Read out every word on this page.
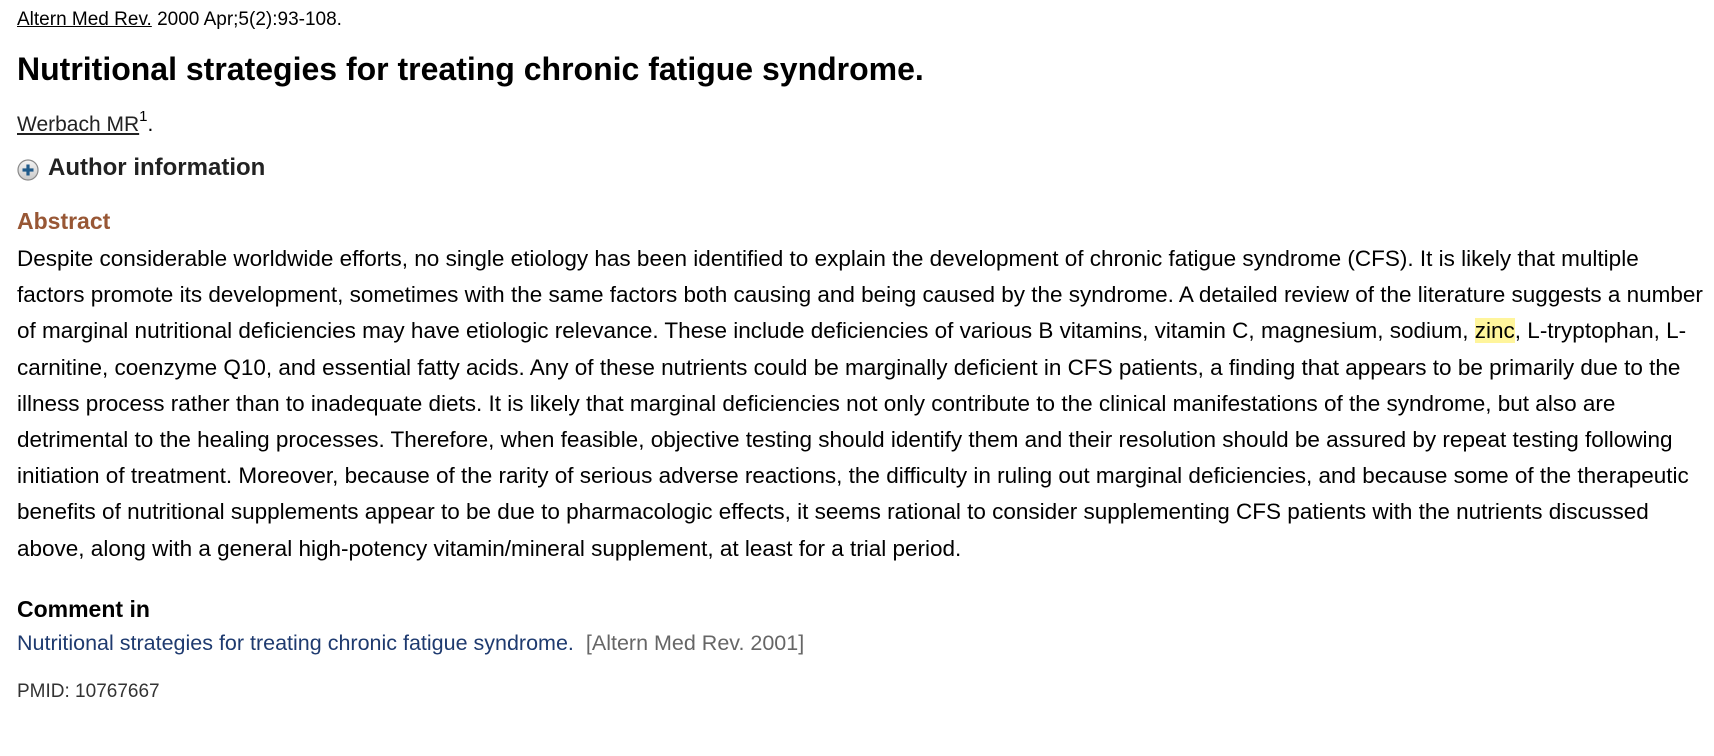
Altern Med Rev. 2000 Apr;5(2):93-108.
Nutritional strategies for treating chronic fatigue syndrome.
Werbach $MR^1$.
Author information
Abstract

Despite considerable worldwide efforts, no single etiology has been identified to explain the development of chronic fatigue syndrome (CFS). It is likely that multiple factors promote its development, sometimes with the same factors both causing and being caused by the syndrome. A detailed review of the literature suggests a number of marginal nutritional deficiencies may have etiologic relevance. These include deficiencies of various B vitamins, vitamin C, magnesium, sodium, zinc, L-tryptophan, L-carnitine, coenzyme Q10, and essential fatty acids. Any of these nutrients could be marginally deficient in CFS patients, a finding that appears to be primarily due to the illness process rather than to inadequate diets. It is likely that marginal deficiencies not only contribute to the clinical manifestations of the syndrome, but also are detrimental to the healing processes. Therefore, when feasible, objective testing should identify them and their resolution should be assured by repeat testing following initiation of treatment. Moreover, because of the rarity of serious adverse reactions, the difficulty in ruling out marginal deficiencies, and because some of the therapeutic benefits of nutritional supplements appear to be due to pharmacologic effects, it seems rational to consider supplementing CFS patients with the nutrients discussed above, along with a general high-potency vitamin/mineral supplement, at least for a trial period.

Comment in
Nutritional strategies for treating chronic fatigue syndrome. [Altern Med Rev. 2001]
PMID: 10767667
